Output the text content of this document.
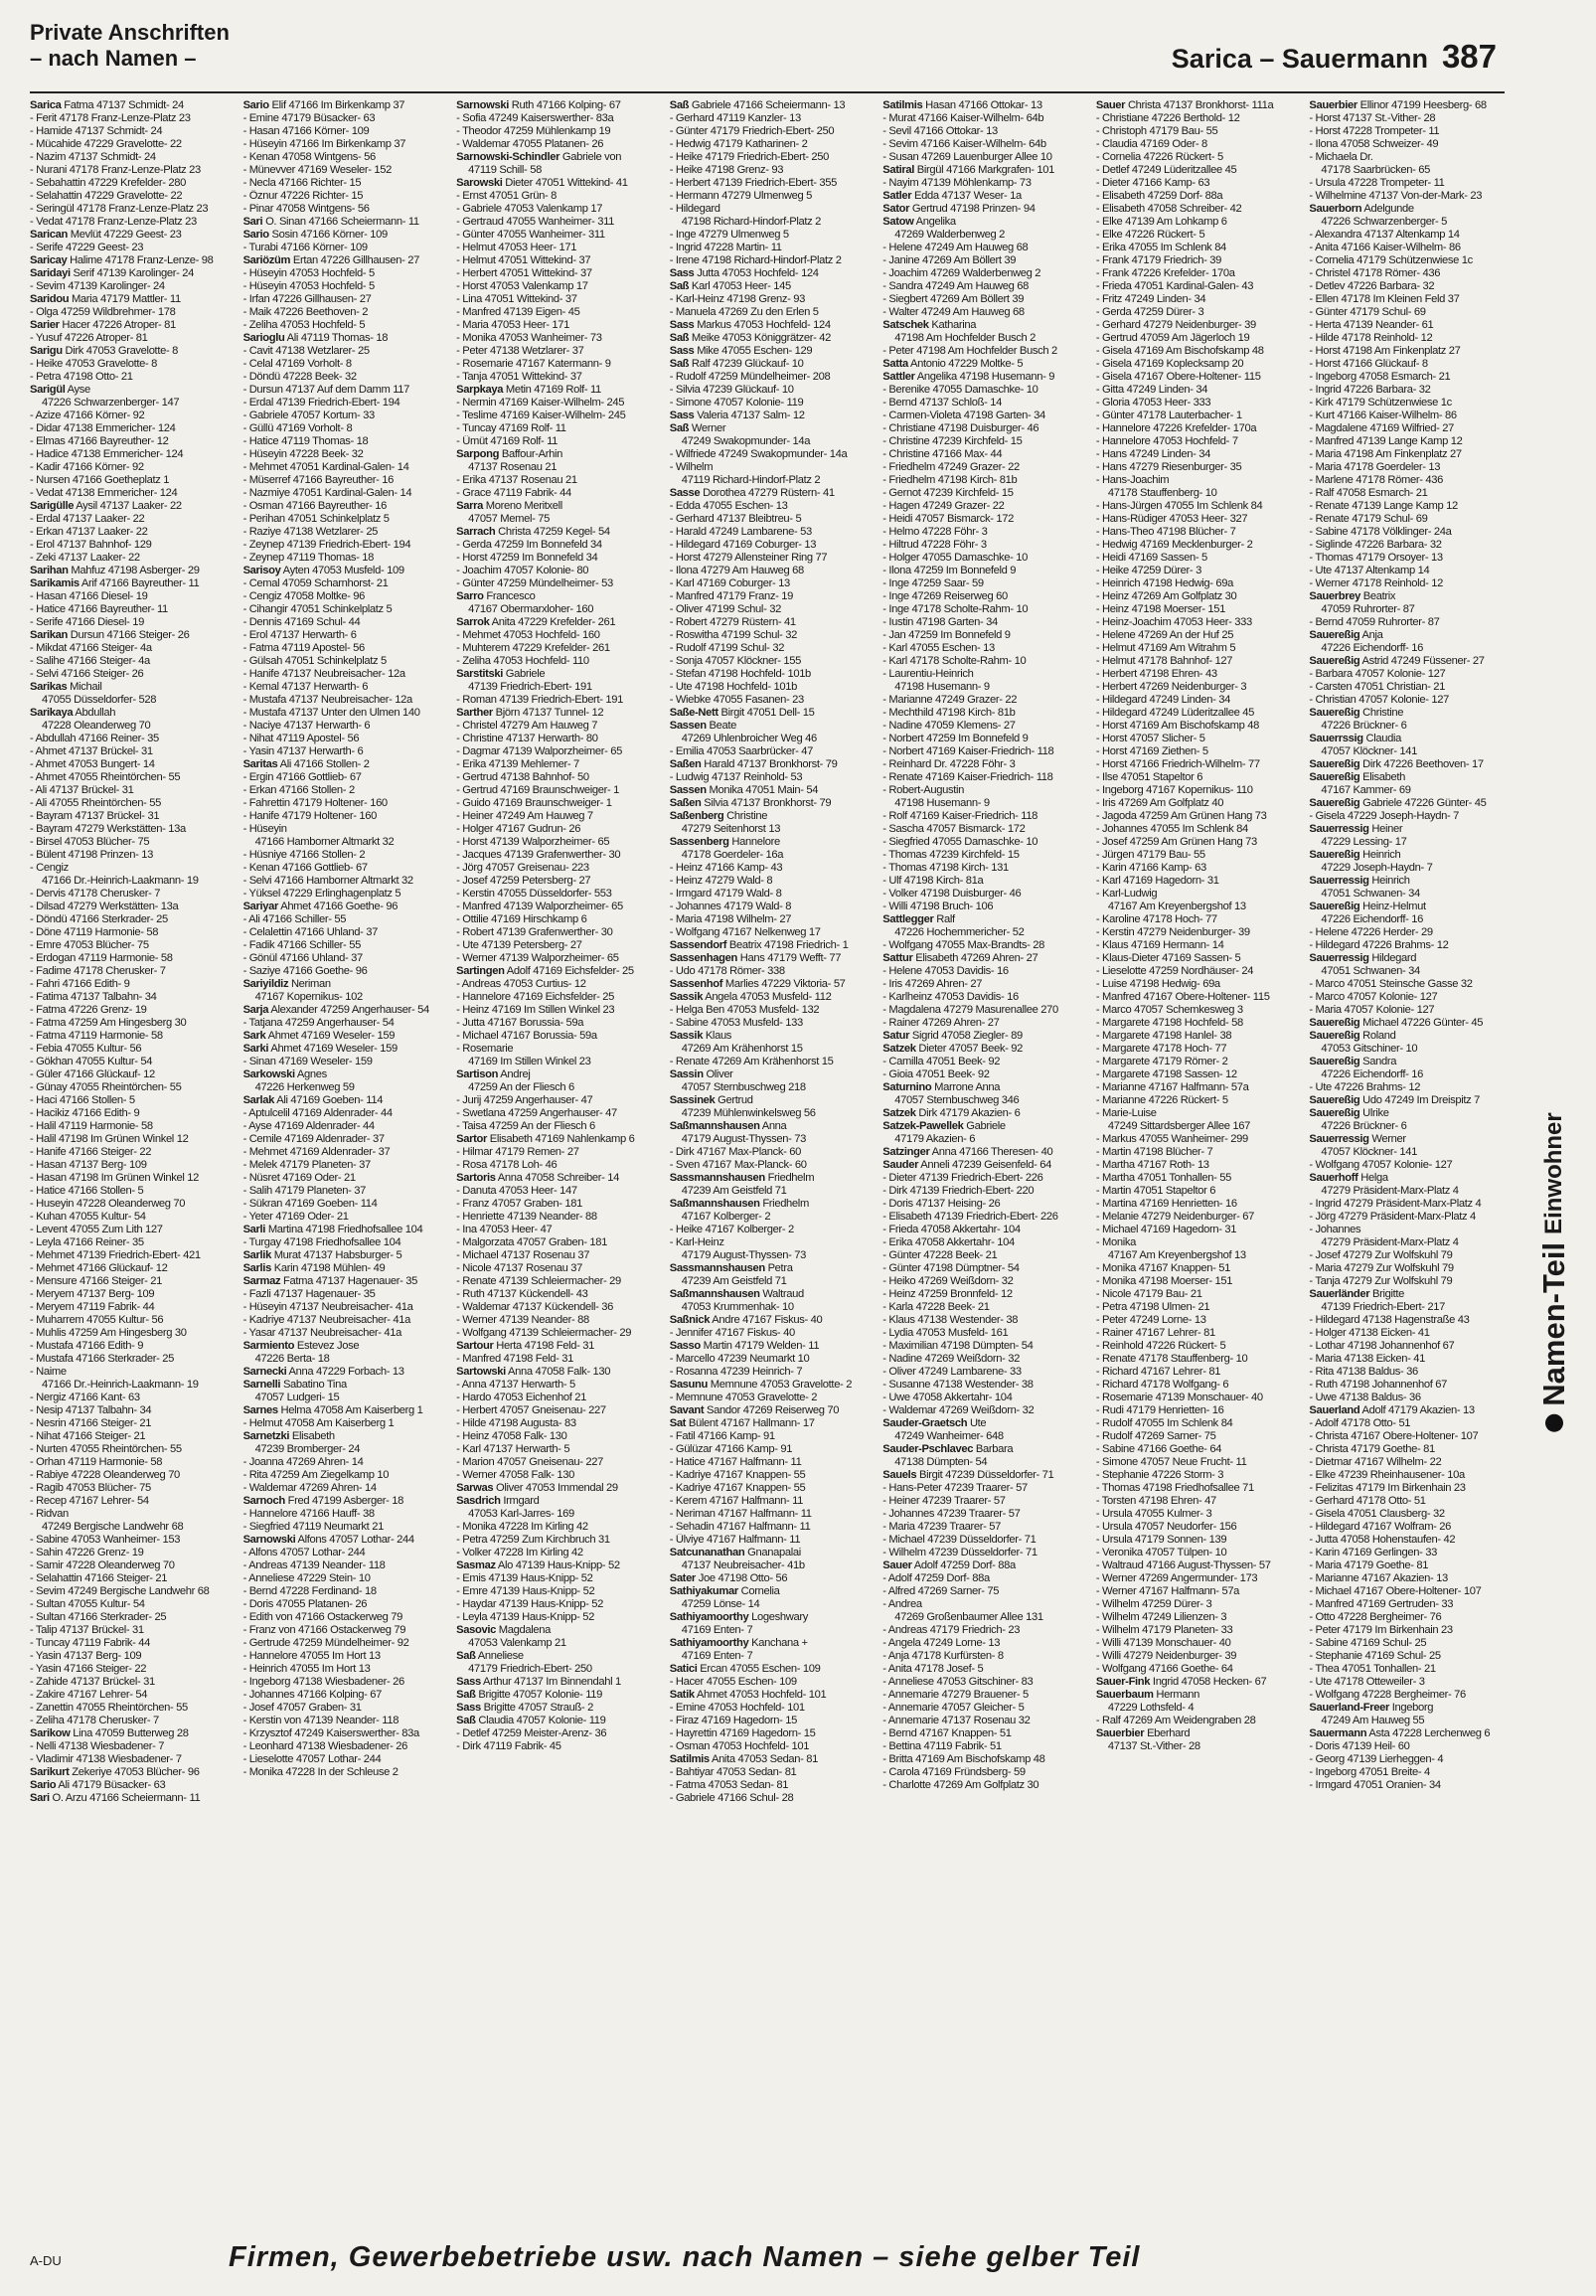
Private Anschriften
– nach Namen –	Sarica – Sauermann 387
Sarica Fatma 47137 Schmidt- 24
- Ferit 47178 Franz-Lenze-Platz 23
- Hamide 47137 Schmidt- 24
- Mücahide 47229 Gravelotte- 22
- Nazim 47137 Schmidt- 24
- Nurani 47178 Franz-Lenze-Platz 23
- Sebahattin 47229 Krefelder- 280
- Selahattin 47229 Gravelotte- 22
- Seringül 47178 Franz-Lenze-Platz 23
- Vedat 47178 Franz-Lenze-Platz 23
Sarican Mevlüt 47229 Geest- 23
- Serife 47229 Geest- 23
Saricay Halime 47178 Franz-Lenze- 98
Saridayi Serif 47139 Karolinger- 24
- Sevim 47139 Karolinger- 24
Saridou Maria 47179 Mattler- 11
- Olga 47259 Wildbrehmer- 178
Sarier Hacer 47226 Atroper- 81
- Yusuf 47226 Atroper- 81
Sarigu Dirk 47053 Gravelotte- 8
- Heike 47053 Gravelotte- 8
- Petra 47198 Otto- 21
Sarigül Ayse
47226 Schwarzenberger- 147
- Azize 47166 Körner- 92
- Didar 47138 Emmericher- 124
- Elmas 47166 Bayreuther- 12
- Hadice 47138 Emmericher- 124
- Kadir 47166 Körner- 92
- Nursen 47166 Goetheplatz 1
- Vedat 47138 Emmericher- 124
Sarigülle Aysil 47137 Laaker- 22
- Erdal 47137 Laaker- 22
- Erkan 47137 Laaker- 22
- Erol 47137 Bahnhof- 129
- Zeki 47137 Laaker- 22
Sarihan Mahfuz 47198 Asberger- 29
Sarikamis Arif 47166 Bayreuther- 11
- Hasan 47166 Diesel- 19
- Hatice 47166 Bayreuther- 11
- Serife 47166 Diesel- 19
Sarikan Dursun 47166 Steiger- 26
- Mikdat 47166 Steiger- 4a
- Salihe 47166 Steiger- 4a
- Selvi 47166 Steiger- 26
Sarikas Michail
47055 Düsseldorfer- 528
Sarikaya Abdullah
47228 Oleanderweg 70
- Abdullah 47166 Reiner- 35
- Ahmet 47137 Brückel- 31
- Ahmet 47053 Bungert- 14
- Ahmet 47055 Rheintörchen- 55
- Ali 47137 Brückel- 31
- Ali 47055 Rheintörchen- 55
- Bayram 47137 Brückel- 31
- Bayram 47279 Werkstätten- 13a
- Birsel 47053 Blücher- 75
- Bülent 47198 Prinzen- 13
- Cengiz
47166 Dr.-Heinrich-Laakmann- 19
- Dervis 47178 Cherusker- 7
- Dilsad 47279 Werkstätten- 13a
- Döndü 47166 Sterkrader- 25
- Döne 47119 Harmonie- 58
- Emre 47053 Blücher- 75
- Erdogan 47119 Harmonie- 58
- Fadime 47178 Cherusker- 7
- Fahri 47166 Edith- 9
- Fatima 47137 Talbahn- 34
- Fatma 47226 Grenz- 19
- Fatma 47259 Am Hingesberg 30
- Fatma 47119 Harmonie- 58
- Febia 47055 Kultur- 56
- Gökhan 47055 Kultur- 54
- Güler 47166 Glückauf- 12
- Günay 47055 Rheintörchen- 55
- Haci 47166 Stollen- 5
- Hacikiz 47166 Edith- 9
- Halil 47119 Harmonie- 58
- Halil 47198 Im Grünen Winkel 12
- Hanife 47166 Steiger- 22
- Hasan 47137 Berg- 109
- Hasan 47198 Im Grünen Winkel 12
- Hatice 47166 Stollen- 5
- Huseyin 47228 Oleanderweg 70
- Kuhan 47055 Kultur- 54
- Levent 47055 Zum Lith 127
- Leyla 47166 Reiner- 35
- Mehmet 47139 Friedrich-Ebert- 421
- Mehmet 47166 Glückauf- 12
- Mensure 47166 Steiger- 21
- Meryem 47137 Berg- 109
- Meryem 47119 Fabrik- 44
- Muharrem 47055 Kultur- 56
- Muhlis 47259 Am Hingesberg 30
- Mustafa 47166 Edith- 9
- Mustafa 47166 Sterkrader- 25
- Naime
47166 Dr.-Heinrich-Laakmann- 19
- Nergiz 47166 Kant- 63
- Nesip 47137 Talbahn- 34
- Nesrin 47166 Steiger- 21
- Nihat 47166 Steiger- 21
- Nurten 47055 Rheintörchen- 55
- Orhan 47119 Harmonie- 58
- Rabiye 47228 Oleanderweg 70
- Ragib 47053 Blücher- 75
- Recep 47167 Lehrer- 54
- Ridvan
47249 Bergische Landwehr 68
- Sabine 47053 Wanheimer- 153
- Sahin 47226 Grenz- 19
- Samir 47228 Oleanderweg 70
- Selahattin 47166 Steiger- 21
- Sevim 47249 Bergische Landwehr 68
- Sultan 47055 Kultur- 54
- Sultan 47166 Sterkrader- 25
- Talip 47137 Brückel- 31
- Tuncay 47119 Fabrik- 44
- Yasin 47137 Berg- 109
- Yasin 47166 Steiger- 22
- Zahide 47137 Brückel- 31
- Zakire 47167 Lehrer- 54
- Zanettin 47055 Rheintörchen- 55
- Zeliha 47178 Cherusker- 7
Sarikow Lina 47059 Butterweg 28
- Nelli 47138 Wiesbadener- 7
- Vladimir 47138 Wiesbadener- 7
Sarikurt Zekeriye 47053 Blücher- 96
Sario Ali 47179 Büsacker- 63
Sari O. Arzu 47166 Scheiermann- 11
Sario Elif 47166 Im Birkenkamp 37
- Emine 47179 Büsacker- 63
- Hasan 47166 Körner- 109
- Hüseyin 47166 Im Birkenkamp 37
- Kenan 47058 Wintgens- 56
- Münevver 47169 Weseler- 152
- Necla 47166 Richter- 15
- Öznur 47226 Richter- 15
- Pinar 47058 Wintgens- 56
Sari O. Sinan 47166 Scheiermann- 11
Sario Sosin 47166 Körner- 109
- Turabi 47166 Körner- 109
Sariözüm Ertan 47226 Gillhausen- 27
- Hüseyin 47053 Hochfeld- 5
- Hüseyin 47053 Hochfeld- 5
- Irfan 47226 Gillhausen- 27
- Maik 47226 Beethoven- 2
- Zeliha 47053 Hochfeld- 5
Sarioglu Ali 47119 Thomas- 18
- Cavit 47138 Wetzlarer- 25
- Celal 47169 Vorholt- 8
- Döndü 47228 Beek- 32
- Dursun 47137 Auf dem Damm 117
- Erdal 47139 Friedrich-Ebert- 194
- Gabriele 47057 Kortum- 33
- Güllü 47169 Vorholt- 8
- Hatice 47119 Thomas- 18
- Hüseyin 47228 Beek- 32
- Mehmet 47051 Kardinal-Galen- 14
- Müserref 47166 Bayreuther- 16
- Nazmiye 47051 Kardinal-Galen- 14
- Osman 47166 Bayreuther- 16
- Perihan 47051 Schinkelplatz 5
- Raziye 47138 Wetzlarer- 25
- Zeynep 47139 Friedrich-Ebert- 194
- Zeynep 47119 Thomas- 18
Sarisoy Ayten 47053 Musfeld- 109
- Cemal 47059 Scharnhorst- 21
- Cengiz 47058 Moltke- 96
- Cihangir 47051 Schinkelplatz 5
- Dennis 47169 Schul- 44
- Erol 47137 Herwarth- 6
- Fatma 47119 Apostel- 56
- Gülsah 47051 Schinkelplatz 5
- Hanife 47137 Neubreisacher- 12a
- Kemal 47137 Herwarth- 6
- Mustafa 47137 Neubreisacher- 12a
- Mustafa 47137 Unter den Ulmen 140
- Naciye 47137 Herwarth- 6
- Nihat 47119 Apostel- 56
- Yasin 47137 Herwarth- 6
Saritas Ali 47166 Stollen- 2
- Ergin 47166 Gottlieb- 67
- Erkan 47166 Stollen- 2
- Fahrettin 47179 Holtener- 160
- Hanife 47179 Holtener- 160
- Hüseyin
47166 Hamborner Altmarkt 32
- Hüsniye 47166 Stollen- 2
- Kenan 47166 Gottlieb- 67
- Selvi 47166 Hamborner Altmarkt 32
- Yüksel 47229 Erlinghagenplatz 5
Sariyar Ahmet 47166 Goethe- 96
- Ali 47166 Schiller- 55
- Celalettin 47166 Uhland- 37
- Fadik 47166 Schiller- 55
- Gönül 47166 Uhland- 37
- Saziye 47166 Goethe- 96
Sariyildiz Neriman
47167 Kopernikus- 102
Sarja Alexander 47259 Angerhauser- 54
- Tatjana 47259 Angerhauser- 54
Sark Ahmet 47169 Weseler- 159
Sarki Ahmet 47169 Weseler- 159
- Sinan 47169 Weseler- 159
Sarkowski Agnes
47226 Herkenweg 59
Sarlak Ali 47169 Goeben- 114
- Aptulcelil 47169 Aldenrader- 44
- Ayse 47169 Aldenrader- 44
- Cemile 47169 Aldenrader- 37
- Mehmet 47169 Aldenrader- 37
- Melek 47179 Planeten- 37
- Nüsret 47169 Oder- 21
- Salih 47179 Planeten- 37
- Sükran 47169 Goeben- 114
- Yeter 47169 Oder- 21
Sarli Martina 47198 Friedhofsallee 104
- Turgay 47198 Friedhofsallee 104
Sarlik Murat 47137 Habsburger- 5
Sarlis Karin 47198 Mühlen- 49
Sarmaz Fatma 47137 Hagenauer- 35
- Fazli 47137 Hagenauer- 35
- Hüseyin 47137 Neubreisacher- 41a
- Kadriye 47137 Neubreisacher- 41a
- Yasar 47137 Neubreisacher- 41a
Sarmiento Estevez Jose
47226 Berta- 18
Sarnecki Anna 47229 Forbach- 13
Sarnelli Sabatino Tina
47057 Ludgeri- 15
Sarnes Helma 47058 Am Kaiserberg 1
- Helmut 47058 Am Kaiserberg 1
Sarnetzki Elisabeth
47239 Bromberger- 24
- Joanna 47269 Ahren- 14
- Rita 47259 Am Ziegelkamp 10
- Waldemar 47269 Ahren- 14
Sarnoch Fred 47199 Asberger- 18
- Hannelore 47166 Hauff- 38
- Siegfried 47119 Neumarkt 21
Sarnowski Alfons 47057 Lothar- 244
- Alfons 47057 Lothar- 244
- Andreas 47139 Neander- 118
- Anneliese 47229 Stein- 10
- Bernd 47228 Ferdinand- 18
- Doris 47055 Platanen- 26
- Edith von 47166 Ostackerweg 79
- Franz von 47166 Ostackerweg 79
- Gertrude 47259 Mündelheimer- 92
- Hannelore 47055 Im Hort 13
- Heinrich 47055 Im Hort 13
- Ingeborg 47138 Wiesbadener- 26
- Johannes 47166 Kolping- 67
- Josef 47057 Graben- 31
- Kerstin von 47139 Neander- 118
- Krzysztof 47249 Kaiserswerther- 83a
- Leonhard 47138 Wiesbadener- 26
- Lieselotte 47057 Lothar- 244
- Monika 47228 In der Schleuse 2
Sarnowski Ruth 47166 Kolping- 67
- Sofia 47249 Kaiserswerther- 83a
- Theodor 47259 Mühlenkamp 19
- Waldemar 47055 Platanen- 26
Sarnowski-Schindler Gabriele von
47119 Schill- 58
Sarowski Dieter 47051 Wittekind- 41
- Ernst 47051 Grün- 8
- Gabriele 47053 Valenkamp 17
- Gertraud 47055 Wanheimer- 311
- Günter 47055 Wanheimer- 311
- Helmut 47053 Heer- 171
- Helmut 47051 Wittekind- 37
- Herbert 47051 Wittekind- 37
- Horst 47053 Valenkamp 17
- Lina 47051 Wittekind- 37
- Manfred 47139 Eigen- 45
- Maria 47053 Heer- 171
- Monika 47053 Wanheimer- 73
- Peter 47138 Wetzlarer- 37
- Rosemarie 47167 Katermann- 9
- Tanja 47051 Wittekind- 37
Sarpkaya Metin 47169 Rolf- 11
- Nermin 47169 Kaiser-Wilhelm- 245
- Teslime 47169 Kaiser-Wilhelm- 245
- Tuncay 47169 Rolf- 11
- Ümüt 47169 Rolf- 11
Sarpong Baffour-Arhin
47137 Rosenau 21
- Erika 47137 Rosenau 21
- Grace 47119 Fabrik- 44
Sarra Moreno Meritxell
47057 Memel- 75
Sarrach Christa 47259 Kegel- 54
- Gerda 47259 Im Bonnefeld 34
- Horst 47259 Im Bonnefeld 34
- Joachim 47057 Kolonie- 80
- Günter 47259 Mündelheimer- 53
Sarro Francesco
47167 Obermarxloher- 160
Sarrok Anita 47229 Krefelder- 261
- Mehmet 47053 Hochfeld- 160
- Muhterem 47229 Krefelder- 261
- Zeliha 47053 Hochfeld- 110
Sarstitski Gabriele
47139 Friedrich-Ebert- 191
- Roman 47139 Friedrich-Ebert- 191
Sarther Björn 47137 Tunnel- 12
- Christel 47279 Am Hauweg 7
- Christine 47137 Herwarth- 80
- Dagmar 47139 Walporzheimer- 65
- Erika 47139 Mehlemer- 7
- Gertrud 47138 Bahnhof- 50
- Gertrud 47169 Braunschweiger- 1
- Guido 47169 Braunschweiger- 1
- Heiner 47249 Am Hauweg 7
- Holger 47167 Gudrun- 26
- Horst 47139 Walporzheimer- 65
- Jacques 47139 Grafenwerther- 30
- Jörg 47057 Greisenau- 223
- Josef 47259 Petersberg- 27
- Kerstin 47055 Düsseldorfer- 553
- Manfred 47139 Walporzheimer- 65
- Ottilie 47169 Hirschkamp 6
- Robert 47139 Grafenwerther- 30
- Ute 47139 Petersberg- 27
- Werner 47139 Walporzheimer- 65
Sartingen Adolf 47169 Eichsfelder- 25
- Andreas 47053 Curtius- 12
- Hannelore 47169 Eichsfelder- 25
- Heinz 47169 Im Stillen Winkel 23
- Jutta 47167 Borussia- 59a
- Michael 47167 Borussia- 59a
- Rosemarie
47169 Im Stillen Winkel 23
Sartison Andrej
47259 An der Fliesch 6
- Jurij 47259 Angerhauser- 47
- Swetlana 47259 Angerhauser- 47
- Taisa 47259 An der Fliesch 6
Sartor Elisabeth 47169 Nahlenkamp 6
- Hilmar 47179 Remen- 27
- Rosa 47178 Loh- 46
Sartoris Anna 47058 Schreiber- 14
- Danuta 47053 Heer- 147
- Franz 47057 Graben- 181
- Henriette 47139 Neander- 88
- Ina 47053 Heer- 47
- Malgorzata 47057 Graben- 181
- Michael 47137 Rosenau 37
- Nicole 47137 Rosenau 37
- Renate 47139 Schleiermacher- 29
- Ruth 47137 Kückendell- 43
- Waldemar 47137 Kückendell- 36
- Werner 47139 Neander- 88
- Wolfgang 47139 Schleiermacher- 29
Sartour Herta 47198 Feld- 31
- Manfred 47198 Feld- 31
Sartowski Anna 47058 Falk- 130
- Anna 47137 Herwarth- 5
- Hardo 47053 Eichenhof 21
- Herbert 47057 Gneisenau- 227
- Hilde 47198 Augusta- 83
- Heinz 47058 Falk- 130
- Karl 47137 Herwarth- 5
- Marion 47057 Gneisenau- 227
- Werner 47058 Falk- 130
Sarwas Oliver 47053 Immendal 29
Sasdrich Irmgard
47053 Karl-Jarres- 169
- Monika 47228 Im Kirling 42
- Petra 47259 Zum Kirchbruch 31
- Volker 47228 Im Kirling 42
Sasmaz Alo 47139 Haus-Knipp- 52
- Emis 47139 Haus-Knipp- 52
- Emre 47139 Haus-Knipp- 52
- Haydar 47139 Haus-Knipp- 52
- Leyla 47139 Haus-Knipp- 52
Sasovic Magdalena
47053 Valenkamp 21
Saß Anneliese
47179 Friedrich-Ebert- 250
Sass Arthur 47137 Im Binnendahl 1
Saß Brigitte 47057 Kolonie- 119
Sass Brigitte 47057 Strauß- 2
Saß Claudia 47057 Kolonie- 119
- Detlef 47259 Meister-Arenz- 36
- Dirk 47119 Fabrik- 45
Saß Gabriele 47166 Scheiermann- 13
- Gerhard 47119 Kanzler- 13
- Günter 47179 Friedrich-Ebert- 250
- Hedwig 47179 Katharinen- 2
- Heike 47179 Friedrich-Ebert- 250
- Heike 47198 Grenz- 93
- Herbert 47139 Friedrich-Ebert- 355
- Hermann 47279 Ulmenweg 5
- Hildegard
47198 Richard-Hindorf-Platz 2
- Inge 47279 Ulmenweg 5
- Ingrid 47228 Martin- 11
- Irene 47198 Richard-Hindorf-Platz 2
Sass Jutta 47053 Hochfeld- 124
Saß Karl 47053 Heer- 145
- Karl-Heinz 47198 Grenz- 93
- Manuela 47269 Zu den Erlen 5
Sass Markus 47053 Hochfeld- 124
Saß Meike 47053 Königgrätzer- 42
Sass Mike 47055 Eschen- 129
Saß Ralf 47239 Glückauf- 10
- Rudolf 47259 Mündelheimer- 208
- Silvia 47239 Glückauf- 10
- Simone 47057 Kolonie- 119
Sass Valeria 47137 Salm- 12
Saß Werner
47249 Swakopmunder- 14a
- Wilfriede 47249 Swakopmunder- 14a
- Wilhelm
47119 Richard-Hindorf-Platz 2
Sasse Dorothea 47279 Rüstern- 41
- Edda 47055 Eschen- 13
- Gerhard 47137 Bleibtreu- 5
- Harald 47249 Lambarene- 53
- Hildegard 47169 Coburger- 13
- Horst 47279 Allensteiner Ring 77
- Ilona 47279 Am Hauweg 68
- Karl 47169 Coburger- 13
- Manfred 47179 Franz- 19
- Oliver 47199 Schul- 32
- Robert 47279 Rüstern- 41
- Roswitha 47199 Schul- 32
- Rudolf 47199 Schul- 32
- Sonja 47057 Klöckner- 155
- Stefan 47198 Hochfeld- 101b
- Ute 47198 Hochfeld- 101b
- Wiebke 47055 Fasanen- 23
Saße-Nett Birgit 47051 Dell- 15
Sassen Beate
47269 Uhlenbroicher Weg 46
- Emilia 47053 Saarbrücker- 47
Saßen Harald 47137 Bronkhorst- 79
- Ludwig 47137 Reinhold- 53
Sassen Monika 47051 Main- 54
Saßen Silvia 47137 Bronkhorst- 79
Saßenberg Christine
47279 Seitenhorst 13
Sassenberg Hannelore
47178 Goerdeler- 16a
- Heinz 47166 Kamp- 43
- Heinz 47279 Wald- 8
- Irmgard 47179 Wald- 8
- Johannes 47179 Wald- 8
- Maria 47198 Wilhelm- 27
- Wolfgang 47167 Nelkenweg 17
Sassendorf Beatrix 47198 Friedrich- 1
Sassenhagen Hans 47179 Wefft- 77
- Udo 47178 Römer- 338
Sassenhof Marlies 47229 Viktoria- 57
Sassik Angela 47053 Musfeld- 112
- Helga Ben 47053 Musfeld- 132
- Sabine 47053 Musfeld- 133
Sassik Klaus
47269 Am Krähenhorst 15
- Renate 47269 Am Krähenhorst 15
Sassin Oliver
47057 Sternbuschweg 218
Sassinek Gertrud
47239 Mühlenwinkelsweg 56
Saßmannshausen Anna
47179 August-Thyssen- 73
- Dirk 47167 Max-Planck- 60
- Sven 47167 Max-Planck- 60
Sassmannshausen Friedhelm
47239 Am Geistfeld 71
Saßmannshausen Friedhelm
47167 Kolberger- 2
- Heike 47167 Kolberger- 2
- Karl-Heinz
47179 August-Thyssen- 73
Sassmannshausen Petra
47239 Am Geistfeld 71
Saßmannshausen Waltraud
47053 Krummenhak- 10
Saßnick Andre 47167 Fiskus- 40
- Jennifer 47167 Fiskus- 40
Sasso Martin 47179 Welden- 11
- Marcello 47239 Neumarkt 10
- Rosanna 47239 Heinrich- 7
Sasunu Memnune 47053 Gravelotte- 2
- Memnune 47053 Gravelotte- 2
Savant Sandor 47269 Reiserweg 70
Sat Bülent 47167 Hallmann- 17
- Fatil 47166 Kamp- 91
- Gülüzar 47166 Kamp- 91
- Hatice 47167 Halfmann- 11
- Kadriye 47167 Knappen- 55
- Kadriye 47167 Knappen- 55
- Kerem 47167 Halfmann- 11
- Neriman 47167 Halfmann- 11
- Sehadin 47167 Halfmann- 11
- Ülviye 47167 Halfmann- 11
Satcunanathan Gnanapalai
47137 Neubreisacher- 41b
Sater Joe 47198 Otto- 56
Sathiyakumar Cornelia
47259 Lönse- 14
Sathiyamoorthy Logeshwary
47169 Enten- 7
Sathiyamoorthy Kanchana +
47169 Enten- 7
Satici Ercan 47055 Eschen- 109
- Hacer 47055 Eschen- 109
Satik Ahmet 47053 Hochfeld- 101
- Emine 47053 Hochfeld- 101
- Firaz 47169 Hagedorn- 15
- Hayrettin 47169 Hagedorn- 15
- Osman 47053 Hochfeld- 101
Satilmis Anita 47053 Sedan- 81
- Bahtiyar 47053 Sedan- 81
- Fatma 47053 Sedan- 81
- Gabriele 47166 Schul- 28
Satilmis Hasan 47166 Ottokar- 13
- Murat 47166 Kaiser-Wilhelm- 64b
- Sevil 47166 Ottokar- 13
- Sevim 47166 Kaiser-Wilhelm- 64b
- Susan 47269 Lauenburger Allee 10
Satiral Birgül 47166 Markgrafen- 101
- Nayim 47139 Möhlenkamp- 73
Satler Edda 47137 Weser- 1a
Sator Gertrud 47198 Prinzen- 94
Satow Angelika
47269 Walderbenweg 2
- Helene 47249 Am Hauweg 68
- Janine 47269 Am Böllert 39
- Joachim 47269 Walderbenweg 2
- Sandra 47249 Am Hauweg 68
- Siegbert 47269 Am Böllert 39
- Walter 47249 Am Hauweg 68
Satschek Katharina
47198 Am Hochfelder Busch 2
- Peter 47198 Am Hochfelder Busch 2
Satta Antonio 47229 Moltke- 5
Sattler Angelika 47198 Husemann- 9
- Berenike 47055 Damaschke- 10
- Bernd 47137 Schloß- 14
- Carmen-Violeta 47198 Garten- 34
- Christiane 47198 Duisburger- 46
- Christine 47239 Kirchfeld- 15
- Christine 47166 Max- 44
- Friedhelm 47249 Grazer- 22
- Friedhelm 47198 Kirch- 81b
- Gernot 47239 Kirchfeld- 15
- Hagen 47249 Grazer- 22
- Heidi 47057 Bismarck- 172
- Helmo 47228 Föhr- 3
- Hiltrud 47228 Föhr- 3
- Holger 47055 Damaschke- 10
- Ilona 47259 Im Bonnefeld 9
- Inge 47259 Saar- 59
- Inge 47269 Reiserweg 60
- Inge 47178 Scholte-Rahm- 10
- Iustin 47198 Garten- 34
- Jan 47259 Im Bonnefeld 9
- Karl 47055 Eschen- 13
- Karl 47178 Scholte-Rahm- 10
- Laurentiu-Heinrich
47198 Husemann- 9
- Marianne 47249 Grazer- 22
- Mechthild 47198 Kirch- 81b
- Nadine 47059 Klemens- 27
- Norbert 47259 Im Bonnefeld 9
- Norbert 47169 Kaiser-Friedrich- 118
- Reinhard Dr. 47228 Föhr- 3
- Renate 47169 Kaiser-Friedrich- 118
- Robert-Augustin
47198 Husemann- 9
- Rolf 47169 Kaiser-Friedrich- 118
- Sascha 47057 Bismarck- 172
- Siegfried 47055 Damaschke- 10
- Thomas 47239 Kirchfeld- 15
- Thomas 47198 Kirch- 131
- Ulf 47198 Kirch- 81a
- Volker 47198 Duisburger- 46
- Willi 47198 Bruch- 106
Sattlegger Ralf
47226 Hochemmericher- 52
- Wolfgang 47055 Max-Brandts- 28
Sattur Elisabeth 47269 Ahren- 27
- Helene 47053 Davidis- 16
- Iris 47269 Ahren- 27
- Karlheinz 47053 Davidis- 16
- Magdalena 47279 Masurenallee 270
- Rainer 47269 Ahren- 27
Satur Sigrid 47058 Ziegler- 89
Satzek Dieter 47057 Beek- 92
- Camilla 47051 Beek- 92
- Gioia 47051 Beek- 92
Saturnino Marrone Anna
47057 Sternbuschweg 346
Satzek Dirk 47179 Akazien- 6
Satzek-Pawellek Gabriele
47179 Akazien- 6
Satzinger Anna 47166 Theresen- 40
Sauder Anneli 47239 Geisenfeld- 64
- Dieter 47139 Friedrich-Ebert- 226
- Dirk 47139 Friedrich-Ebert- 220
- Doris 47137 Heising- 26
- Elisabeth 47139 Friedrich-Ebert- 226
- Frieda 47058 Akkertahr- 104
- Erika 47058 Akkertahr- 104
- Günter 47228 Beek- 21
- Günter 47198 Dümptner- 54
- Heiko 47269 Weißdorn- 32
- Heinz 47259 Bronnfeld- 12
- Karla 47228 Beek- 21
- Klaus 47138 Westender- 38
- Lydia 47053 Musfeld- 161
- Maximilian 47198 Dümpten- 54
- Nadine 47269 Weißdorn- 32
- Oliver 47249 Lambarene- 33
- Susanne 47138 Westender- 38
- Uwe 47058 Akkertahr- 104
- Waldemar 47269 Weißdorn- 32
Sauder-Graetsch Ute
47249 Wanheimer- 648
Sauder-Pschlavec Barbara
47138 Dümpten- 54
Sauels Birgit 47239 Düsseldorfer- 71
- Hans-Peter 47239 Traarer- 57
- Heiner 47239 Traarer- 57
- Johannes 47239 Traarer- 57
- Maria 47239 Traarer- 57
- Michael 47239 Düsseldorfer- 71
- Wilhelm 47239 Düsseldorfer- 71
Sauer Adolf 47259 Dorf- 88a
- Adolf 47259 Dorf- 88a
- Alfred 47269 Sarner- 75
- Andrea
47269 Großenbaumer Allee 131
- Andreas 47179 Friedrich- 23
- Angela 47249 Lorne- 13
- Anja 47178 Kurfürsten- 8
- Anita 47178 Josef- 5
- Anneliese 47053 Gitschiner- 83
- Annemarie 47279 Brauener- 5
- Annemarie 47057 Gleicher- 5
- Annemarie 47137 Rosenau 32
- Bernd 47167 Knappen- 51
- Bettina 47119 Fabrik- 51
- Britta 47169 Am Bischofskamp 48
- Carola 47169 Fründsberg- 59
- Charlotte 47269 Am Golfplatz 30
Sauer Christa 47137 Bronkhorst- 111a
- Christiane 47226 Berthold- 12
- Christoph 47179 Bau- 55
- Claudia 47169 Oder- 8
- Cornelia 47226 Rückert- 5
- Detlef 47249 Lüderitzallee 45
- Dieter 47166 Kamp- 63
- Elisabeth 47259 Dorf- 88a
- Elisabeth 47058 Schreiber- 42
- Elke 47139 Am Lohkamp 6
- Elke 47226 Rückert- 5
- Erika 47055 Im Schlenk 84
- Frank 47179 Friedrich- 39
- Frank 47226 Krefelder- 170a
- Frieda 47051 Kardinal-Galen- 43
- Fritz 47249 Linden- 34
- Gerda 47259 Dürer- 3
- Gerhard 47279 Neidenburger- 39
- Gertrud 47059 Am Jägerloch 19
- Gisela 47169 Am Bischofskamp 48
- Gisela 47169 Koplecksamp 20
- Gisela 47167 Obere-Holtener- 115
- Gitta 47249 Linden- 34
- Gloria 47053 Heer- 333
- Günter 47178 Lauterbacher- 1
- Hannelore 47226 Krefelder- 170a
- Hannelore 47053 Hochfeld- 7
- Hans 47249 Linden- 34
- Hans 47279 Riesenburger- 35
- Hans-Joachim
47178 Stauffenberg- 10
- Hans-Jürgen 47055 Im Schlenk 84
- Hans-Rüdiger 47053 Heer- 327
- Hans-Theo 47198 Blücher- 7
- Hedwig 47169 Mecklenburger- 2
- Heidi 47169 Sassen- 5
- Heike 47259 Dürer- 3
- Heinrich 47198 Hedwig- 69a
- Heinz 47269 Am Golfplatz 30
- Heinz 47198 Moerser- 151
- Heinz-Joachim 47053 Heer- 333
- Helene 47269 An der Huf 25
- Helmut 47169 Am Witrahm 5
- Helmut 47178 Bahnhof- 127
- Herbert 47198 Ehren- 43
- Herbert 47269 Neidenburger- 3
- Hildegard 47249 Linden- 34
- Hildegard 47249 Lüderitzallee 45
- Horst 47169 Am Bischofskamp 48
- Horst 47057 Slicher- 5
- Horst 47169 Ziethen- 5
- Horst 47166 Friedrich-Wilhelm- 77
- Ilse 47051 Stapeltor 6
- Ingeborg 47167 Kopernikus- 110
- Iris 47269 Am Golfplatz 40
- Jagoda 47259 Am Grünen Hang 73
- Johannes 47055 Im Schlenk 84
- Josef 47259 Am Grünen Hang 73
- Jürgen 47179 Bau- 55
- Karin 47166 Kamp- 63
- Karl 47169 Hagedorn- 31
- Karl-Ludwig
47167 Am Kreyenbergshof 13
- Karoline 47178 Hoch- 77
- Kerstin 47279 Neidenburger- 39
- Klaus 47169 Hermann- 14
- Klaus-Dieter 47169 Sassen- 5
- Lieselotte 47259 Nordhäuser- 24
- Luise 47198 Hedwig- 69a
- Manfred 47167 Obere-Holtener- 115
- Marco 47057 Schemkesweg 3
- Margarete 47198 Hochfeld- 58
- Margarete 47198 Hanlel- 38
- Margarete 47178 Hoch- 77
- Margarete 47179 Römer- 2
- Margarete 47198 Sassen- 12
- Marianne 47167 Halfmann- 57a
- Marianne 47226 Rückert- 5
- Marie-Luise
47249 Sittardsberger Allee 167
- Markus 47055 Wanheimer- 299
- Martin 47198 Blücher- 7
- Martha 47167 Roth- 13
- Martha 47051 Tonhallen- 55
- Martin 47051 Stapeltor 6
- Martina 47169 Henrietten- 16
- Melanie 47279 Neidenburger- 67
- Michael 47169 Hagedorn- 31
- Monika
47167 Am Kreyenbergshof 13
- Monika 47167 Knappen- 51
- Monika 47198 Moerser- 151
- Nicole 47179 Bau- 21
- Petra 47198 Ulmen- 21
- Peter 47249 Lorne- 13
- Rainer 47167 Lehrer- 81
- Reinhold 47226 Rückert- 5
- Renate 47178 Stauffenberg- 10
- Richard 47167 Lehrer- 81
- Richard 47178 Wolfgang- 6
- Rosemarie 47139 Monschauer- 40
- Rudi 47179 Henrietten- 16
- Rudolf 47055 Im Schlenk 84
- Rudolf 47269 Sarner- 75
- Sabine 47166 Goethe- 64
- Simone 47057 Neue Frucht- 11
- Stephanie 47226 Storm- 3
- Thomas 47198 Friedhofsallee 71
- Torsten 47198 Ehren- 47
- Ursula 47055 Kulmer- 3
- Ursula 47057 Neudorfer- 156
- Ursula 47179 Sonnen- 139
- Veronika 47057 Tülpen- 10
- Waltraud 47166 August-Thyssen- 57
- Werner 47269 Angermunder- 173
- Werner 47167 Halfmann- 57a
- Wilhelm 47259 Dürer- 3
- Wilhelm 47249 Lilienzen- 3
- Wilhelm 47179 Planeten- 33
- Willi 47139 Monschauer- 40
- Willi 47279 Neidenburger- 39
- Wolfgang 47166 Goethe- 64
Sauer-Fink Ingrid 47058 Hecken- 67
Sauerbaum Hermann
47229 Lothsfeld- 4
- Ralf 47269 Am Weidengraben 28
Sauerbier Eberhard
47137 St.-Vither- 28
Sauerbier Ellinor 47199 Heesberg- 68
- Horst 47137 St.-Vither- 28
- Horst 47228 Trompeter- 11
- Ilona 47058 Schweizer- 49
- Michaela Dr.
47178 Saarbrücken- 65
- Ursula 47228 Trompeter- 11
- Wilhelmine 47137 Von-der-Mark- 23
Sauerborn Adelgunde
47226 Schwarzenberger- 5
- Alexandra 47137 Altenkamp 14
- Anita 47166 Kaiser-Wilhelm- 86
- Cornelia 47179 Schützenwiese 1c
- Christel 47178 Römer- 436
- Detlev 47226 Barbara- 32
- Ellen 47178 Im Kleinen Feld 37
- Günter 47179 Schul- 69
- Herta 47139 Neander- 61
- Hilde 47178 Reinhold- 12
- Horst 47198 Am Finkenplatz 27
- Horst 47166 Glückauf- 8
- Ingeborg 47058 Esmarch- 21
- Ingrid 47226 Barbara- 32
- Kirk 47179 Schützenwiese 1c
- Kurt 47166 Kaiser-Wilhelm- 86
- Magdalene 47169 Wilfried- 27
- Manfred 47139 Lange Kamp 12
- Maria 47198 Am Finkenplatz 27
- Maria 47178 Goerdeler- 13
- Marlene 47178 Römer- 436
- Ralf 47058 Esmarch- 21
- Renate 47139 Lange Kamp 12
- Renate 47179 Schul- 69
- Sabine 47178 Völklinger- 24a
- Siglinde 47226 Barbara- 32
- Thomas 47179 Orsoyer- 13
- Ute 47137 Altenkamp 14
- Werner 47178 Reinhold- 12
Sauerbrey Beatrix
47059 Ruhrorter- 87
- Bernd 47059 Ruhrorter- 87
Sauereßig Anja
47226 Eichendorff- 16
Sauereßig Astrid 47249 Füssener- 27
- Barbara 47057 Kolonie- 127
- Carsten 47051 Christian- 21
- Christian 47057 Kolonie- 127
Sauereßig Christine
47226 Brückner- 6
Sauerrssig Claudia
47057 Klöckner- 141
Sauereßig Dirk 47226 Beethoven- 17
Sauereßig Elisabeth
47167 Kammer- 69
Sauereßig Gabriele 47226 Günter- 45
- Gisela 47229 Joseph-Haydn- 7
Sauerressig Heiner
47229 Lessing- 17
Sauereßig Heinrich
47229 Joseph-Haydn- 7
Sauerressig Heinrich
47051 Schwanen- 34
Sauereßig Heinz-Helmut
47226 Eichendorff- 16
- Helene 47226 Herder- 29
- Hildegard 47226 Brahms- 12
Sauerressig Hildegard
47051 Schwanen- 34
- Marco 47051 Steinsche Gasse 32
- Marco 47057 Kolonie- 127
- Maria 47057 Kolonie- 127
Sauereßig Michael 47226 Günter- 45
Sauereßig Roland
47053 Gitschiner- 10
Sauereßig Sandra
47226 Eichendorff- 16
- Ute 47226 Brahms- 12
Sauereßig Udo 47249 Im Dreispitz 7
Sauereßig Ulrike
47226 Brückner- 6
Sauerressig Werner
47057 Klöckner- 141
- Wolfgang 47057 Kolonie- 127
Sauerhoff Helga
47279 Präsident-Marx-Platz 4
- Ingrid 47279 Präsident-Marx-Platz 4
- Jörg 47279 Präsident-Marx-Platz 4
- Johannes
47279 Präsident-Marx-Platz 4
- Josef 47279 Zur Wolfskuhl 79
- Maria 47279 Zur Wolfskuhl 79
- Tanja 47279 Zur Wolfskuhl 79
Sauerländer Brigitte
47139 Friedrich-Ebert- 217
- Hildegard 47138 Hagenstraße 43
- Holger 47138 Eicken- 41
- Lothar 47198 Johannenhof 67
- Maria 47138 Eicken- 41
- Rita 47138 Baldus- 36
- Ruth 47198 Johannenhof 67
- Uwe 47138 Baldus- 36
Sauerland Adolf 47179 Akazien- 13
- Adolf 47178 Otto- 51
- Christa 47167 Obere-Holtener- 107
- Christa 47179 Goethe- 81
- Dietmar 47167 Wilhelm- 22
- Elke 47239 Rheinhausener- 10a
- Felizitas 47179 Im Birkenhain 23
- Gerhard 47178 Otto- 51
- Gisela 47051 Clausberg- 32
- Hildegard 47167 Wolfram- 26
- Jutta 47058 Hohenstaufen- 42
- Karin 47169 Gerlingen- 33
- Maria 47179 Goethe- 81
- Marianne 47167 Akazien- 13
- Michael 47167 Obere-Holtener- 107
- Manfred 47169 Gertruden- 33
- Otto 47228 Bergheimer- 76
- Peter 47179 Im Birkenhain 23
- Sabine 47169 Schul- 25
- Stephanie 47169 Schul- 25
- Thea 47051 Tonhallen- 21
- Ute 47178 Otteweiler- 3
- Wolfgang 47228 Bergheimer- 76
Sauerland-Freer Ingeborg
47249 Am Hauweg 55
Sauermann Asta 47228 Lerchenweg 6
- Doris 47139 Heil- 60
- Georg 47139 Lierheggen- 4
- Ingeborg 47051 Breite- 4
- Irmgard 47051 Oranien- 34
Namen-Teil
Einwohner
A-DU	Firmen, Gewerbebetriebe usw. nach Namen – siehe gelber Teil
